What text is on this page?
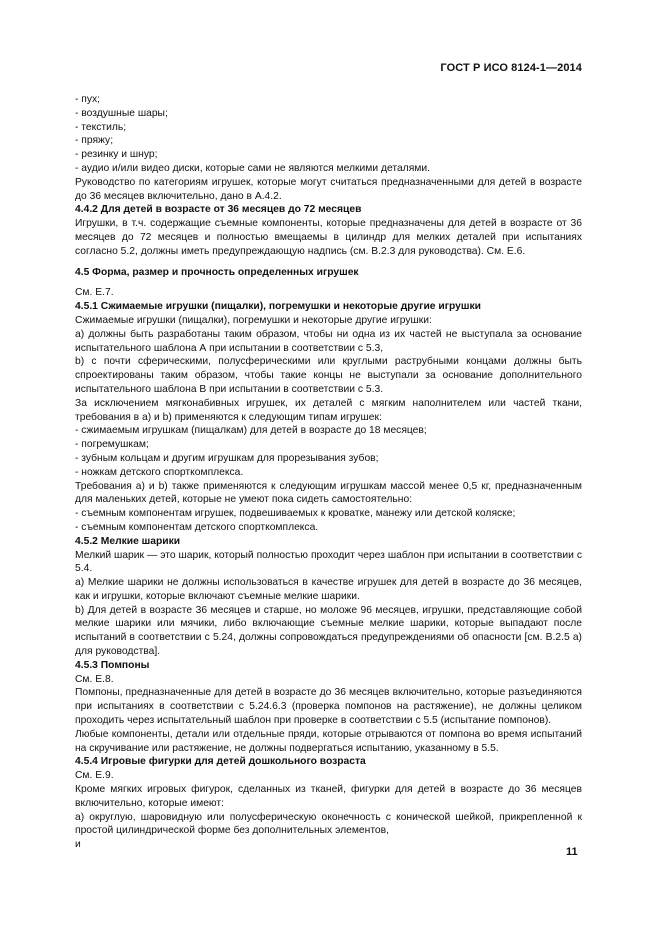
ГОСТ Р ИСО 8124-1—2014

- пух;

- воздушные шары;

- текстиль;

- пряжу;

- резинку и шнур;

- аудио и/или видео диски, которые сами не являются мелкими деталями.

Руководство по категориям игрушек, которые могут считаться предназначенными для детей в возрасте до 36 месяцев включительно, дано в А.4.2.

4.4.2 Для детей в возрасте от 36 месяцев до 72 месяцев

Игрушки, в т.ч. содержащие съемные компоненты, которые предназначены для детей в возрасте от 36 месяцев до 72 месяцев и полностью вмещаемы в цилиндр для мелких деталей при испытаниях согласно 5.2, должны иметь предупреждающую надпись (см. В.2.3 для руководства). См. Е.6.

4.5 Форма, размер и прочность определенных игрушек

См. Е.7.

4.5.1 Сжимаемые игрушки (пищалки), погремушки и некоторые другие игрушки

Сжимаемые игрушки (пищалки), погремушки и некоторые другие игрушки:

a) должны быть разработаны таким образом, чтобы ни одна из их частей не выступала за основание испытательного шаблона А при испытании в соответствии с 5.3,

b) с почти сферическими, полусферическими или круглыми раструбными концами должны быть спроектированы таким образом, чтобы такие концы не выступали за основание дополнительного испытательного шаблона В при испытании в соответствии с 5.3.

За исключением мягконабивных игрушек, их деталей с мягким наполнителем или частей ткани, требования в а) и b) применяются к следующим типам игрушек:

- сжимаемым игрушкам (пищалкам) для детей в возрасте до 18 месяцев;

- погремушкам;

- зубным кольцам и другим игрушкам для прорезывания зубов;

- ножкам детского спорткомплекса.

Требования а) и b) также применяются к следующим игрушкам массой менее 0,5 кг, предназначенным для маленьких детей, которые не умеют пока сидеть самостоятельно:

- съемным компонентам игрушек, подвешиваемых к кроватке, манежу или детской коляске;

- съемным компонентам детского спорткомплекса.

4.5.2 Мелкие шарики

Мелкий шарик — это шарик, который полностью проходит через шаблон при испытании в соответствии с 5.4.

a) Мелкие шарики не должны использоваться в качестве игрушек для детей в возрасте до 36 месяцев, как и игрушки, которые включают съемные мелкие шарики.

b) Для детей в возрасте 36 месяцев и старше, но моложе 96 месяцев, игрушки, представляющие собой мелкие шарики или мячики, либо включающие съемные мелкие шарики, которые выпадают после испытаний в соответствии с 5.24, должны сопровождаться предупреждениями об опасности [см. В.2.5 а) для руководства].

4.5.3 Помпоны

См. Е.8.

Помпоны, предназначенные для детей в возрасте до 36 месяцев включительно, которые разъединяются при испытаниях в соответствии с 5.24.6.3 (проверка помпонов на растяжение), не должны целиком проходить через испытательный шаблон при проверке в соответствии с 5.5 (испытание помпонов).

Любые компоненты, детали или отдельные пряди, которые отрываются от помпона во время испытаний на скручивание или растяжение, не должны подвергаться испытанию, указанному в 5.5.

4.5.4 Игровые фигурки для детей дошкольного возраста

См. Е.9.

Кроме мягких игровых фигурок, сделанных из тканей, фигурки для детей в возрасте до 36 месяцев включительно, которые имеют:

a) округлую, шаровидную или полусферическую оконечность с конической шейкой, прикрепленной к простой цилиндрической форме без дополнительных элементов,

и

11
